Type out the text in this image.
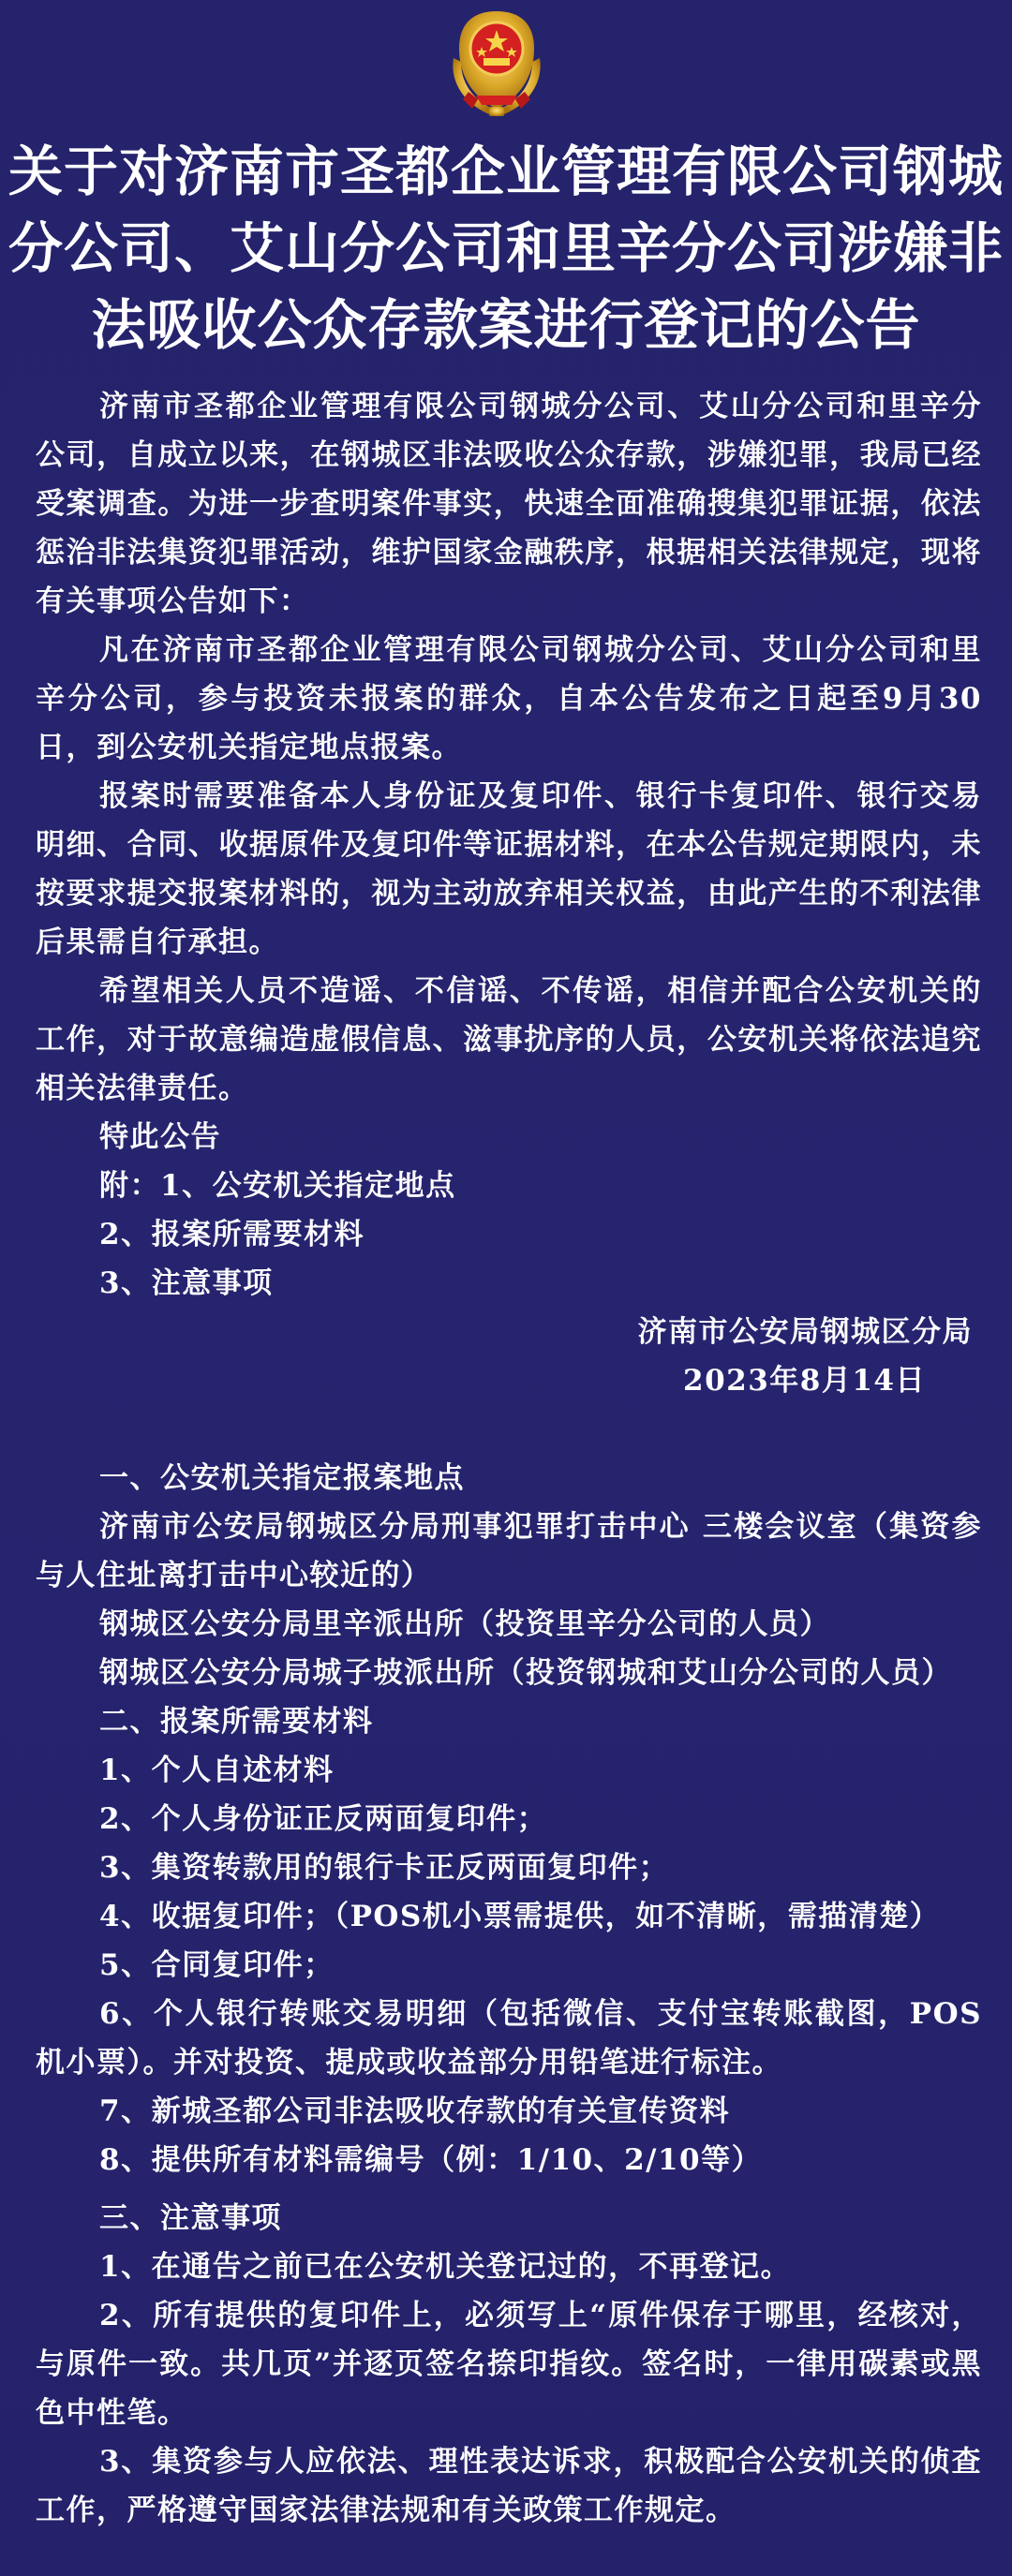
关于对济南市圣都企业管理有限公司钢城
分公司、艾山分公司和里辛分公司涉嫌非
法吸收公众存款案进行登记的公告

济南市圣都企业管理有限公司钢城分公司、艾山分公司和里辛分公司，自成立以来，在钢城区非法吸收公众存款，涉嫌犯罪，我局已经受案调查。为进一步查明案件事实，快速全面准确搜集犯罪证据，依法惩治非法集资犯罪活动，维护国家金融秩序，根据相关法律规定，现将有关事项公告如下：

凡在济南市圣都企业管理有限公司钢城分公司、艾山分公司和里辛分公司，参与投资未报案的群众，自本公告发布之日起至9月30日，到公安机关指定地点报案。

报案时需要准备本人身份证及复印件、银行卡复印件、银行交易明细、合同、收据原件及复印件等证据材料，在本公告规定期限内，未按要求提交报案材料的，视为主动放弃相关权益，由此产生的不利法律后果需自行承担。

希望相关人员不造谣、不信谣、不传谣，相信并配合公安机关的工作，对于故意编造虚假信息、滋事扰序的人员，公安机关将依法追究相关法律责任。

特此公告

附：1、公安机关指定地点

2、报案所需要材料

3、注意事项

济南市公安局钢城区分局

2023年8月14日

一、公安机关指定报案地点

济南市公安局钢城区分局刑事犯罪打击中心 三楼会议室（集资参与人住址离打击中心较近的）

钢城区公安分局里辛派出所（投资里辛分公司的人员）

钢城区公安分局城子坡派出所（投资钢城和艾山分公司的人员）

二、报案所需要材料

1、个人自述材料

2、个人身份证正反两面复印件；

3、集资转款用的银行卡正反两面复印件；

4、收据复印件；（POS机小票需提供，如不清晰，需描清楚）

5、合同复印件；

6、个人银行转账交易明细（包括微信、支付宝转账截图，POS机小票）。并对投资、提成或收益部分用铅笔进行标注。

7、新城圣都公司非法吸收存款的有关宣传资料

8、提供所有材料需编号（例：1/10、2/10等）

三、注意事项

1、在通告之前已在公安机关登记过的，不再登记。

2、所有提供的复印件上，必须写上“原件保存于哪里，经核对，与原件一致。共几页”并逐页签名捺印指纹。签名时，一律用碳素或黑色中性笔。

3、集资参与人应依法、理性表达诉求，积极配合公安机关的侦查工作，严格遵守国家法律法规和有关政策工作规定。
